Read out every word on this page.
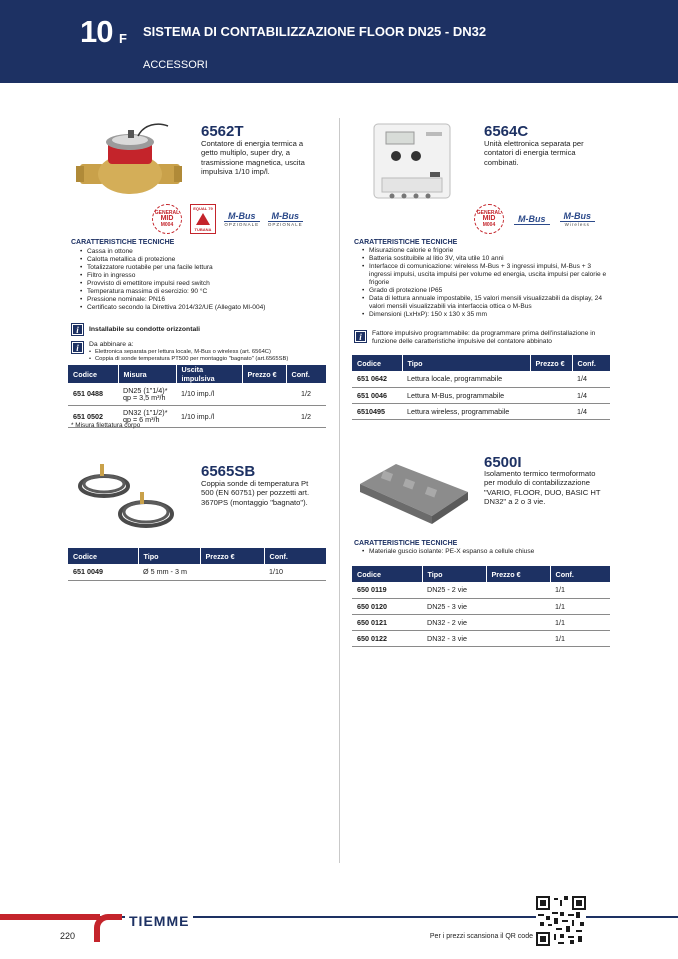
10 F SISTEMA DI CONTABILIZZAZIONE FLOOR DN25 - DN32
ACCESSORI
6562T
Contatore di energia termica a getto multiplo, super dry, a trasmissione magnetica, uscita impulsiva 1/10 imp/l.
GENERAL
MID
M004
EQUAL 79
TUBANA
M-Bus
OPZIONALE
M-Bus
OPZIONALE
CARATTERISTICHE TECNICHE
• Cassa in ottone
• Calotta metallica di protezione
• Totalizzatore ruotabile per una facile lettura
• Filtro in ingresso
• Provvisto di emettitore impulsi reed switch
• Temperatura massima di esercizio: 90 °C
• Pressione nominale: PN16
• Certificato secondo la Direttiva 2014/32/UE (Allegato MI-004)
i	Installabile su condotte orizzontali
i	Da abbinare a:
• Elettronica separata per lettura locale, M-Bus o wireless (art. 6564C)
• Coppia di sonde temperatura PT500 per montaggio "bagnato" (art.6565SB)
Codice	Misura	Uscita impulsiva	Prezzo €	Conf.
651 0488	DN25 (1"1/4)*
qp = 3,5 m³/h	1/10 imp./l		1/2
651 0502	DN32 (1"1/2)*
qp = 6 m³/h	1/10 imp./l		1/2
* Misura filettatura corpo
6565SB
Coppia sonde di temperatura Pt 500 (EN 60751) per pozzetti art. 3670PS (montaggio "bagnato").
Codice	Tipo	Prezzo €	Conf.
651 0049	Ø 5 mm - 3 m		1/10
6564C
Unità elettronica separata per contatori di energia termica combinati.
GENERAL
MID
M004
M-Bus	M-Bus
Wireless
CARATTERISTICHE TECNICHE
• Misurazione calorie e frigorie
• Batteria sostituibile al litio 3V, vita utile 10 anni
• Interfacce di comunicazione: wireless M-Bus + 3 ingressi impulsi, M-Bus + 3 ingressi impulsi, uscita impulsi per volume ed energia, uscita impulsi per calorie e frigorie
• Grado di protezione IP65
• Data di lettura annuale impostabile, 15 valori mensili visualizzabili da display, 24 valori mensili visualizzabili via interfaccia ottica o M-Bus
• Dimensioni (LxHxP): 150 x 130 x 35 mm
i	Fattore impulsivo programmabile: da programmare prima dell'installazione in funzione delle caratteristiche impulsive del contatore abbinato
Codice	Tipo	Prezzo €	Conf.
651 0642	Lettura locale, programmabile		1/4
651 0046	Lettura M-Bus, programmabile		1/4
6510495	Lettura wireless, programmabile		1/4
6500I
Isolamento termico termoformato per modulo di contabilizzazione "VARIO, FLOOR, DUO, BASIC HT DN32" a 2 o 3 vie.
CARATTERISTICHE TECNICHE
• Materiale guscio isolante: PE-X espanso a cellule chiuse
Codice	Tipo	Prezzo €	Conf.
650 0119	DN25 - 2 vie		1/1
650 0120	DN25 - 3 vie		1/1
650 0121	DN32 - 2 vie		1/1
650 0122	DN32 - 3 vie		1/1
TIEMME
220	Per i prezzi scansiona il QR code
